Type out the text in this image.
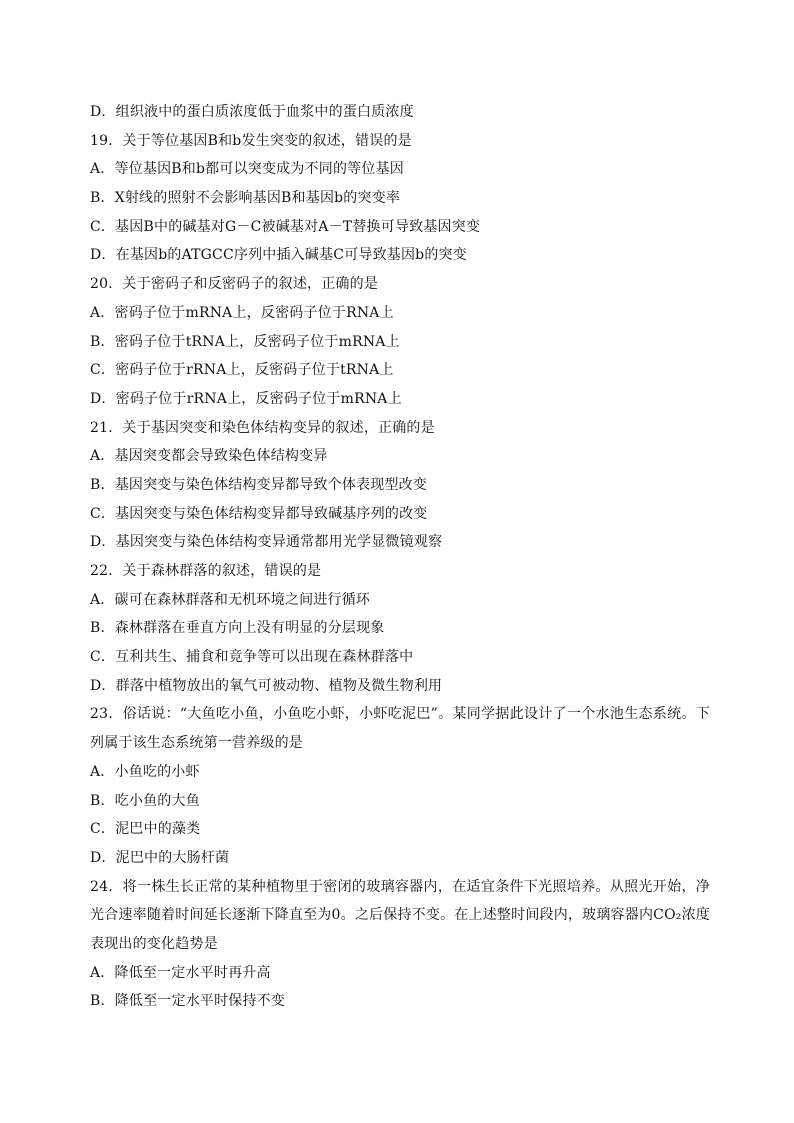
D．组织液中的蛋白质浓度低于血浆中的蛋白质浓度
19．关于等位基因B和b发生突变的叙述，错误的是
A．等位基因B和b都可以突变成为不同的等位基因
B．X射线的照射不会影响基因B和基因b的突变率
C．基因B中的碱基对G－C被碱基对A－T替换可导致基因突变
D．在基因b的ATGCC序列中插入碱基C可导致基因b的突变
20．关于密码子和反密码子的叙述，正确的是
A．密码子位于mRNA上，反密码子位于RNA上
B．密码子位于tRNA上，反密码子位于mRNA上
C．密码子位于rRNA上，反密码子位于tRNA上
D．密码子位于rRNA上，反密码子位于mRNA上
21．关于基因突变和染色体结构变异的叙述，正确的是
A．基因突变都会导致染色体结构变异
B．基因突变与染色体结构变异都导致个体表现型改变
C．基因突变与染色体结构变异都导致碱基序列的改变
D．基因突变与染色体结构变异通常都用光学显微镜观察
22．关于森林群落的叙述，错误的是
A．碳可在森林群落和无机环境之间进行循环
B．森林群落在垂直方向上没有明显的分层现象
C．互利共生、捕食和竞争等可以出现在森林群落中
D．群落中植物放出的氧气可被动物、植物及微生物利用
23．俗话说：“大鱼吃小鱼，小鱼吃小虾，小虾吃泥巴”。某同学据此设计了一个水池生态系统。下列属于该生态系统第一营养级的是
A．小鱼吃的小虾
B．吃小鱼的大鱼
C．泥巴中的藻类
D．泥巴中的大肠杆菌
24．将一株生长正常的某种植物里于密闭的玻璃容器内，在适宜条件下光照培养。从照光开始，净光合速率随着时间延长逐渐下降直至为0。之后保持不变。在上述整时间段内，玻璃容器内CO₂浓度表现出的变化趋势是
A．降低至一定水平时再升高
B．降低至一定水平时保持不变
